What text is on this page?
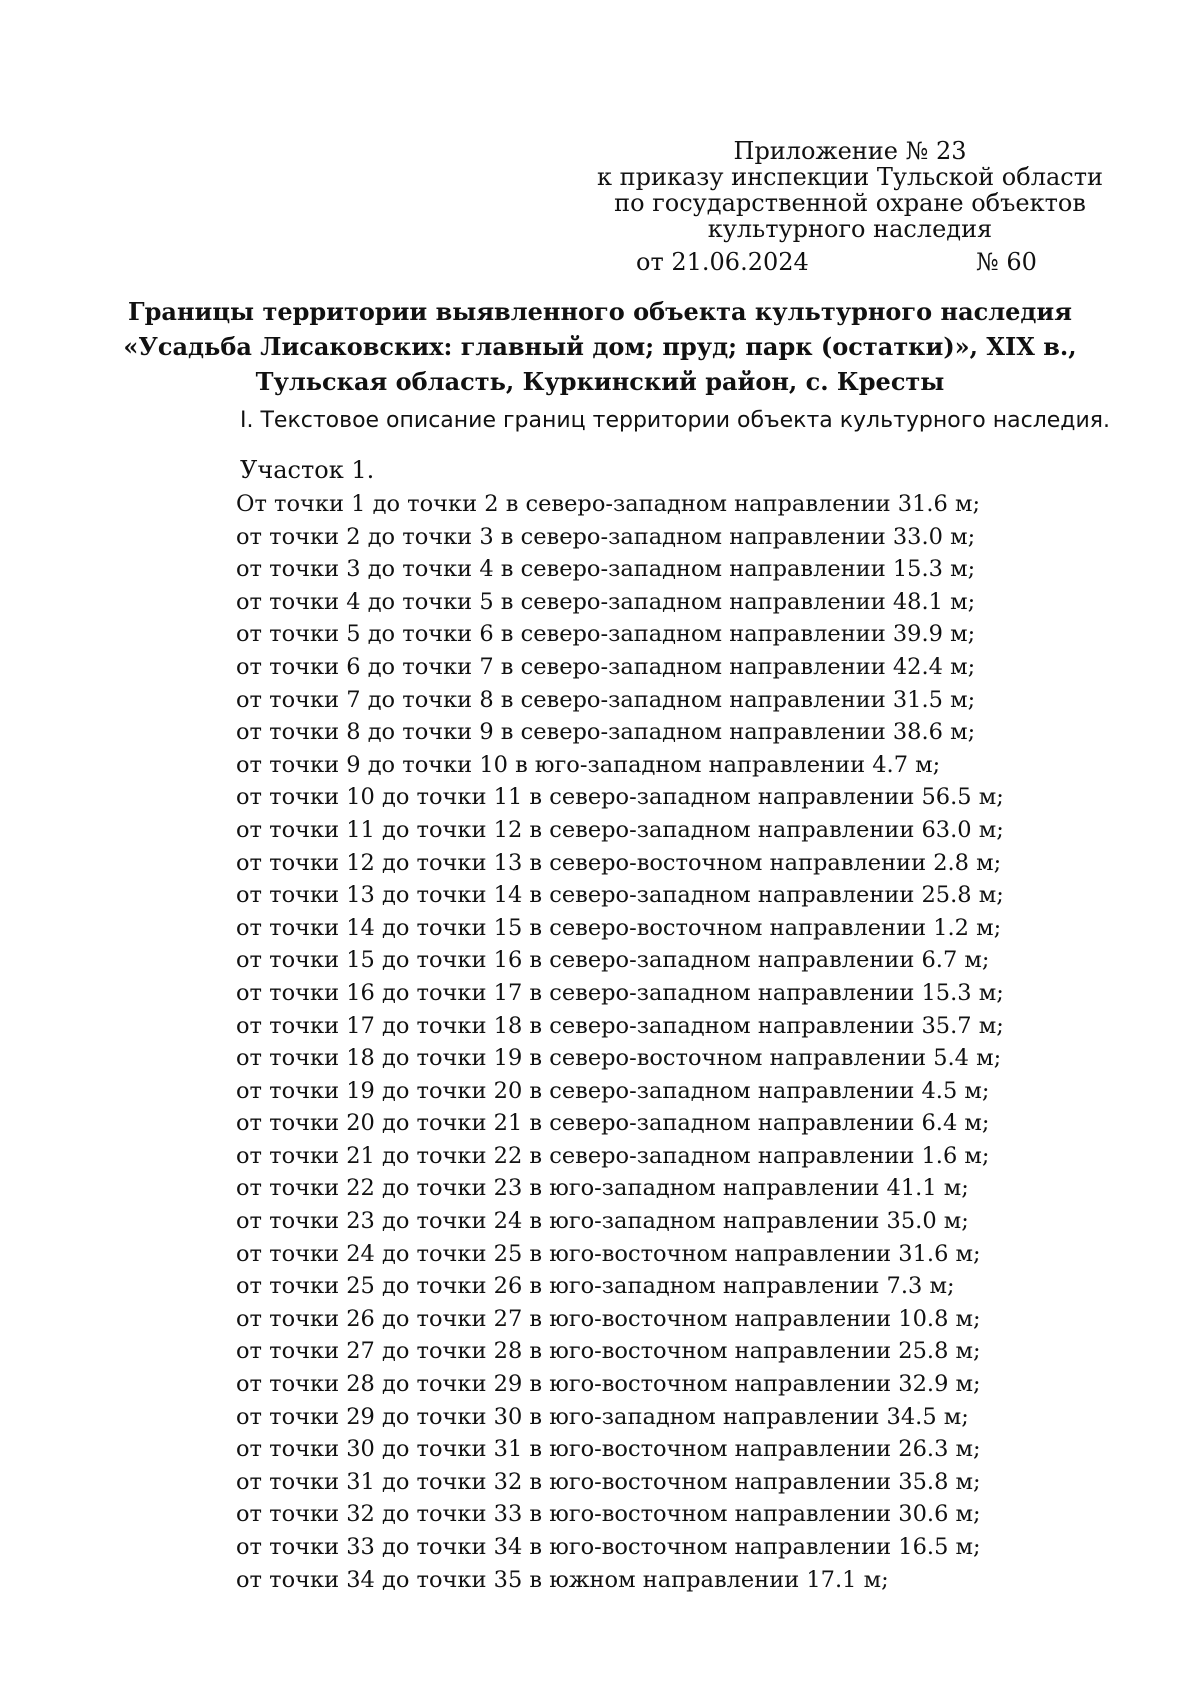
Приложение № 23
к приказу инспекции Тульской области
по государственной охране объектов
культурного наследия
от 21.06.2024	№ 60
Границы территории выявленного объекта культурного наследия
«Усадьба Лисаковских: главный дом; пруд; парк (остатки)», XIX в.,
Тульская область, Куркинский район, с. Кресты
I. Текстовое описание границ территории объекта культурного наследия.
Участок 1.
От точки 1 до точки 2 в северо-западном направлении 31.6 м;
от точки 2 до точки 3 в северо-западном направлении 33.0 м;
от точки 3 до точки 4 в северо-западном направлении 15.3 м;
от точки 4 до точки 5 в северо-западном направлении 48.1 м;
от точки 5 до точки 6 в северо-западном направлении 39.9 м;
от точки 6 до точки 7 в северо-западном направлении 42.4 м;
от точки 7 до точки 8 в северо-западном направлении 31.5 м;
от точки 8 до точки 9 в северо-западном направлении 38.6 м;
от точки 9 до точки 10 в юго-западном направлении 4.7 м;
от точки 10 до точки 11 в северо-западном направлении 56.5 м;
от точки 11 до точки 12 в северо-западном направлении 63.0 м;
от точки 12 до точки 13 в северо-восточном направлении 2.8 м;
от точки 13 до точки 14 в северо-западном направлении 25.8 м;
от точки 14 до точки 15 в северо-восточном направлении 1.2 м;
от точки 15 до точки 16 в северо-западном направлении 6.7 м;
от точки 16 до точки 17 в северо-западном направлении 15.3 м;
от точки 17 до точки 18 в северо-западном направлении 35.7 м;
от точки 18 до точки 19 в северо-восточном направлении 5.4 м;
от точки 19 до точки 20 в северо-западном направлении 4.5 м;
от точки 20 до точки 21 в северо-западном направлении 6.4 м;
от точки 21 до точки 22 в северо-западном направлении 1.6 м;
от точки 22 до точки 23 в юго-западном направлении 41.1 м;
от точки 23 до точки 24 в юго-западном направлении 35.0 м;
от точки 24 до точки 25 в юго-восточном направлении 31.6 м;
от точки 25 до точки 26 в юго-западном направлении 7.3 м;
от точки 26 до точки 27 в юго-восточном направлении 10.8 м;
от точки 27 до точки 28 в юго-восточном направлении 25.8 м;
от точки 28 до точки 29 в юго-восточном направлении 32.9 м;
от точки 29 до точки 30 в юго-западном направлении 34.5 м;
от точки 30 до точки 31 в юго-восточном направлении 26.3 м;
от точки 31 до точки 32 в юго-восточном направлении 35.8 м;
от точки 32 до точки 33 в юго-восточном направлении 30.6 м;
от точки 33 до точки 34 в юго-восточном направлении 16.5 м;
от точки 34 до точки 35 в южном направлении 17.1 м;
